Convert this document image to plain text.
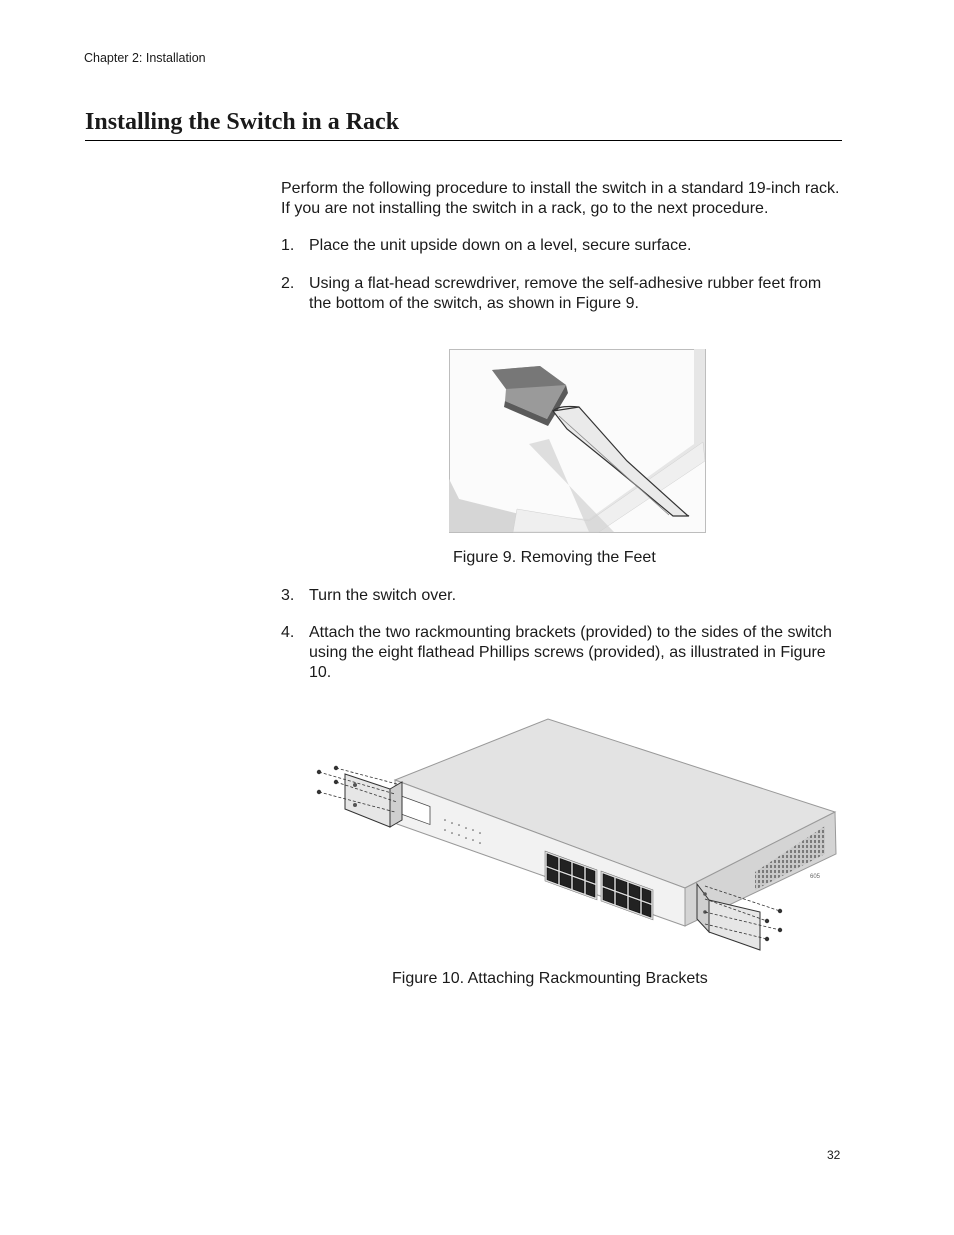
Chapter 2: Installation
Installing the Switch in a Rack

Perform the following procedure to install the switch in a standard 19-inch rack. If you are not installing the switch in a rack, go to the next procedure.

1. Place the unit upside down on a level, secure surface.
2. Using a flat-head screwdriver, remove the self-adhesive rubber feet from the bottom of the switch, as shown in Figure 9.
Figure 9. Removing the Feet
3. Turn the switch over.
4. Attach the two rackmounting brackets (provided) to the sides of the switch using the eight flathead Phillips screws (provided), as illustrated in Figure 10.
605
Figure 10. Attaching Rackmounting Brackets
32
